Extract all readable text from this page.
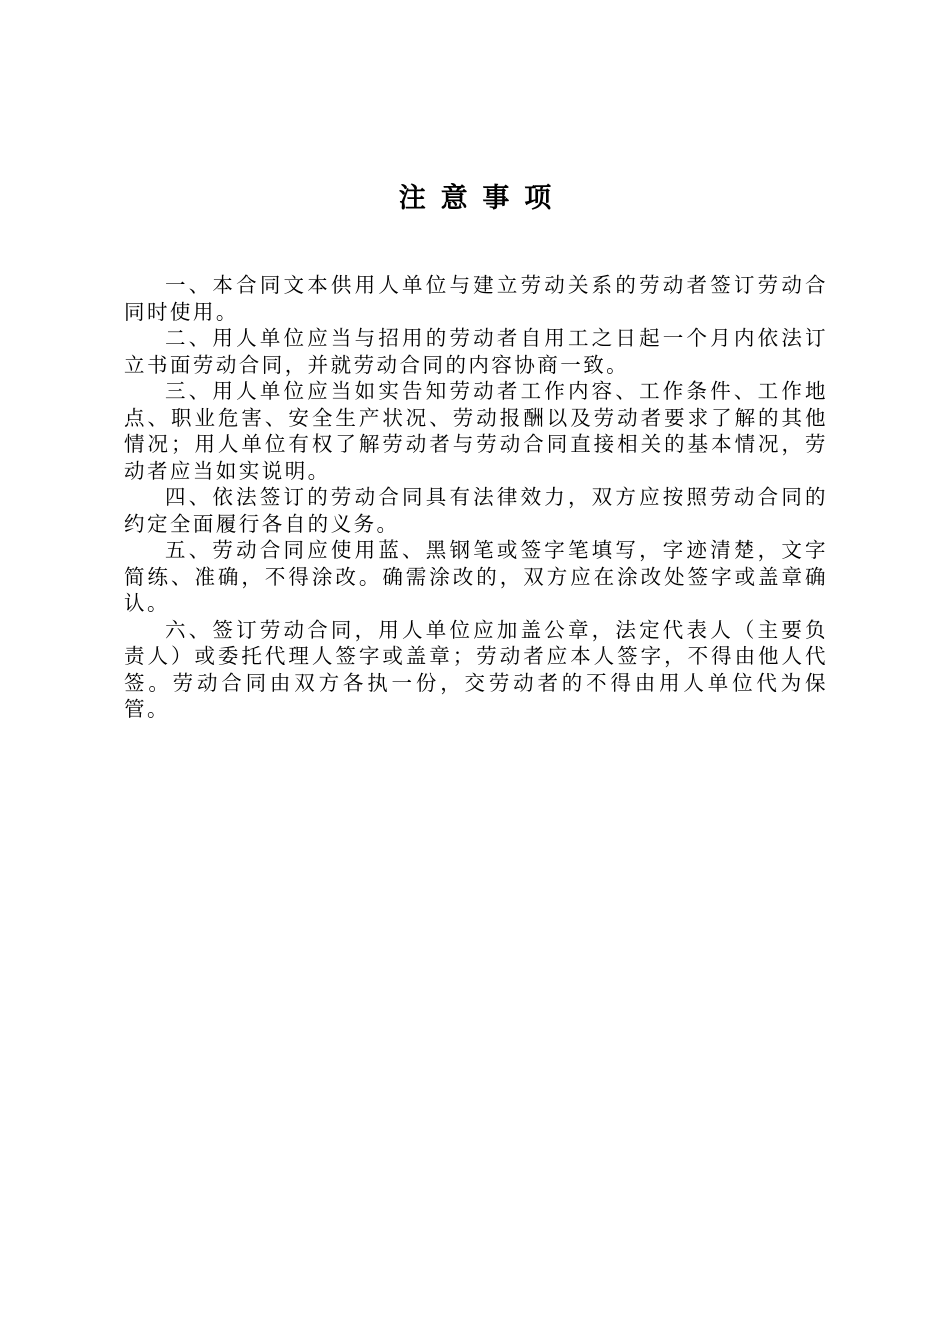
注意事项

一、本合同文本供用人单位与建立劳动关系的劳动者签订劳动合同时使用。

二、用人单位应当与招用的劳动者自用工之日起一个月内依法订立书面劳动合同，并就劳动合同的内容协商一致。

三、用人单位应当如实告知劳动者工作内容、工作条件、工作地点、职业危害、安全生产状况、劳动报酬以及劳动者要求了解的其他情况；用人单位有权了解劳动者与劳动合同直接相关的基本情况，劳动者应当如实说明。

四、依法签订的劳动合同具有法律效力，双方应按照劳动合同的约定全面履行各自的义务。

五、劳动合同应使用蓝、黑钢笔或签字笔填写，字迹清楚，文字简练、准确，不得涂改。确需涂改的，双方应在涂改处签字或盖章确认。

六、签订劳动合同，用人单位应加盖公章，法定代表人（主要负责人）或委托代理人签字或盖章；劳动者应本人签字，不得由他人代签。劳动合同由双方各执一份，交劳动者的不得由用人单位代为保管。
